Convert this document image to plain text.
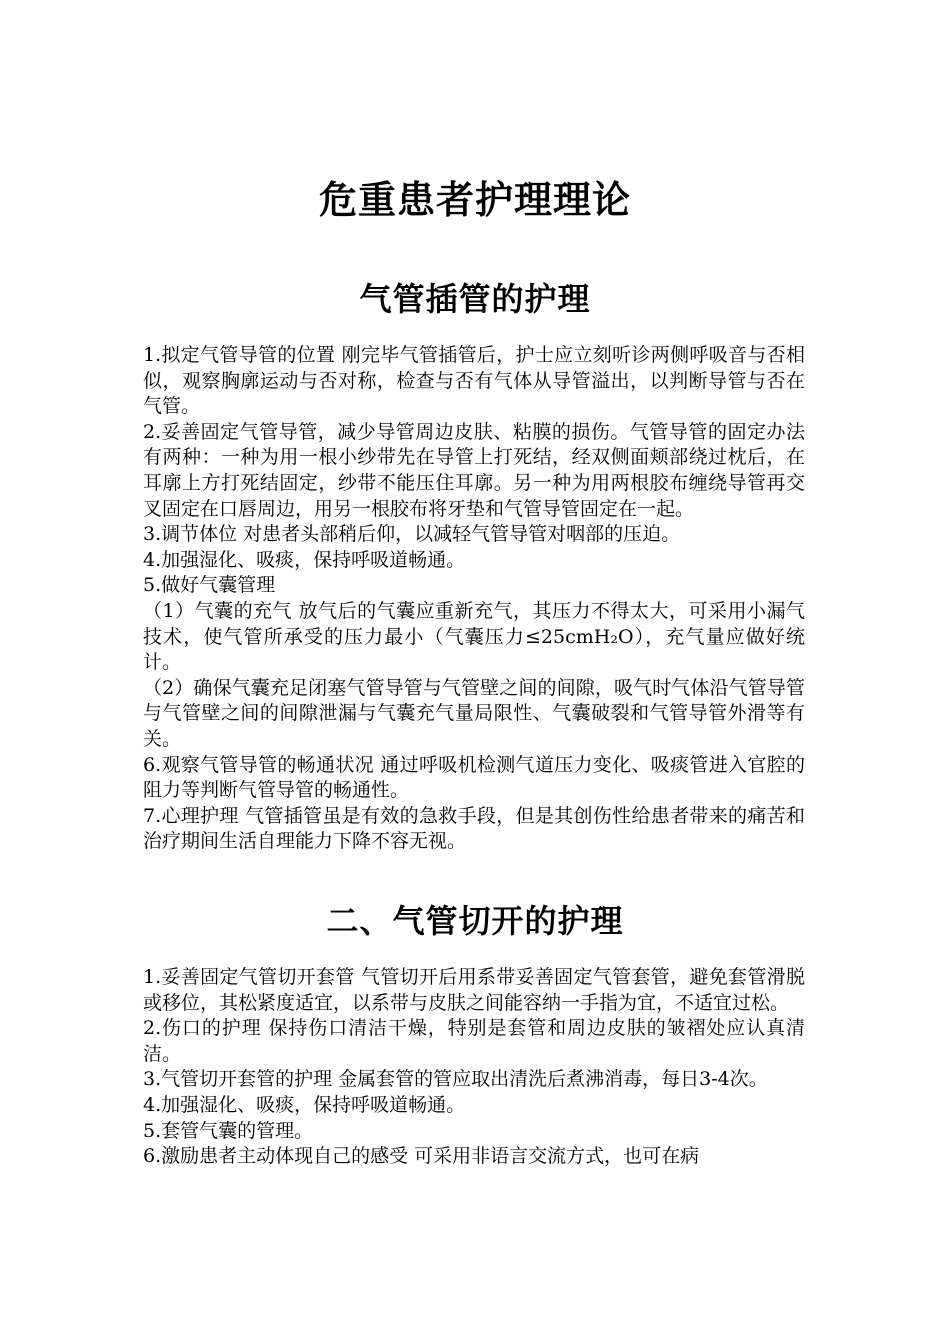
危重患者护理理论
气管插管的护理

1.拟定气管导管的位置 刚完毕气管插管后，护士应立刻听诊两侧呼吸音与否相似，观察胸廓运动与否对称，检查与否有气体从导管溢出，以判断导管与否在气管。

2.妥善固定气管导管，减少导管周边皮肤、粘膜的损伤。气管导管的固定办法有两种：一种为用一根小纱带先在导管上打死结，经双侧面颊部绕过枕后，在耳廓上方打死结固定，纱带不能压住耳廓。另一种为用两根胶布缠绕导管再交叉固定在口唇周边，用另一根胶布将牙垫和气管导管固定在一起。

3.调节体位 对患者头部稍后仰，以减轻气管导管对咽部的压迫。

4.加强湿化、吸痰，保持呼吸道畅通。

5.做好气囊管理

（1）气囊的充气 放气后的气囊应重新充气，其压力不得太大，可采用小漏气技术，使气管所承受的压力最小（气囊压力≤25cmH₂O），充气量应做好统计。

（2）确保气囊充足闭塞气管导管与气管壁之间的间隙，吸气时气体沿气管导管与气管壁之间的间隙泄漏与气囊充气量局限性、气囊破裂和气管导管外滑等有关。

6.观察气管导管的畅通状况 通过呼吸机检测气道压力变化、吸痰管进入官腔的阻力等判断气管导管的畅通性。

7.心理护理 气管插管虽是有效的急救手段，但是其创伤性给患者带来的痛苦和治疗期间生活自理能力下降不容无视。

二、气管切开的护理

1.妥善固定气管切开套管 气管切开后用系带妥善固定气管套管，避免套管滑脱或移位，其松紧度适宜，以系带与皮肤之间能容纳一手指为宜，不适宜过松。

2.伤口的护理 保持伤口清洁干燥，特别是套管和周边皮肤的皱褶处应认真清洁。

3.气管切开套管的护理 金属套管的管应取出清洗后煮沸消毒，每日3-4次。

4.加强湿化、吸痰，保持呼吸道畅通。

5.套管气囊的管理。

6.激励患者主动体现自己的感受 可采用非语言交流方式，也可在病
